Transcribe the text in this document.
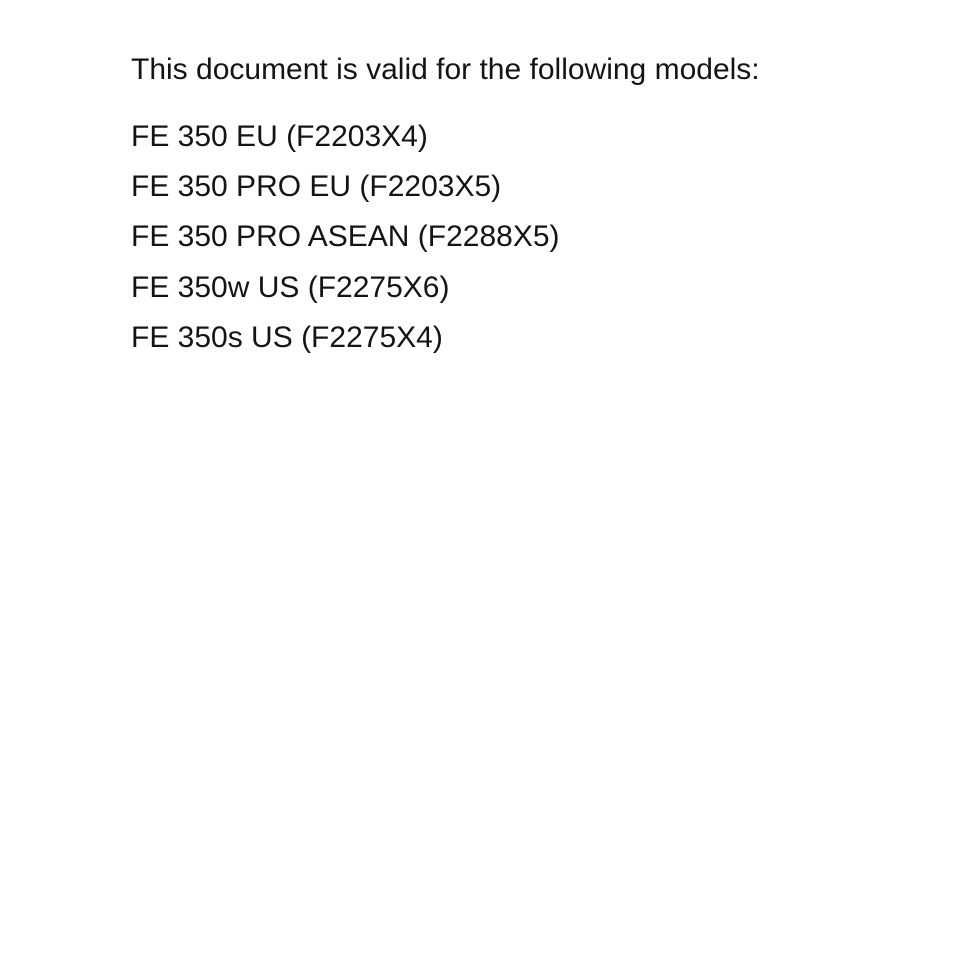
This document is valid for the following models:

FE 350 EU (F2203X4)
FE 350 PRO EU (F2203X5)
FE 350 PRO ASEAN (F2288X5)
FE 350w US (F2275X6)
FE 350s US (F2275X4)
